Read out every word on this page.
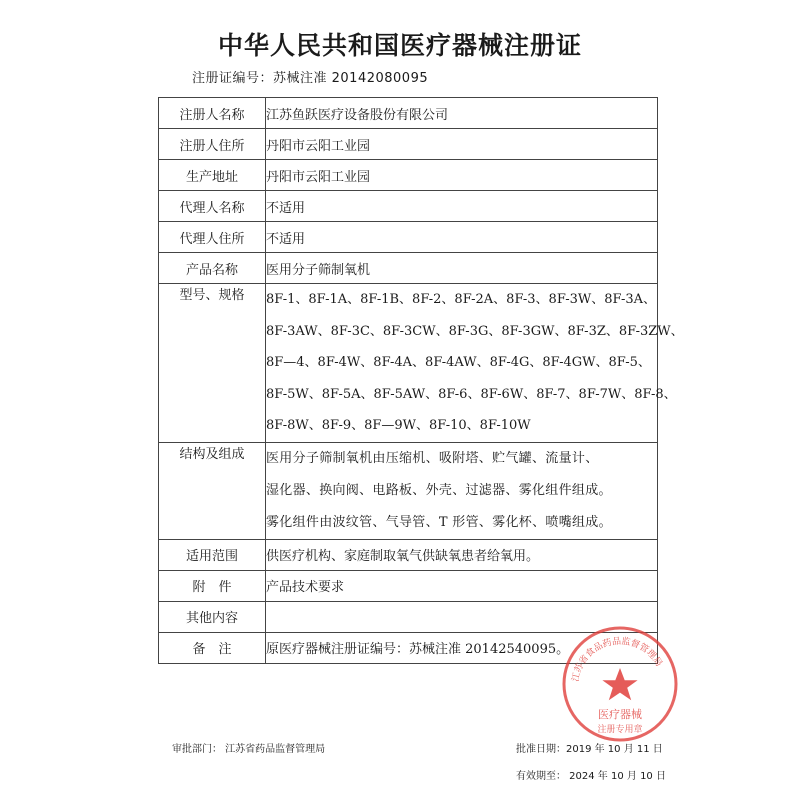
中华人民共和国医疗器械注册证
注册证编号：苏械注准 20142080095
注册人名称	江苏鱼跃医疗设备股份有限公司
注册人住所	丹阳市云阳工业园
生产地址	丹阳市云阳工业园
代理人名称	不适用
代理人住所	不适用
产品名称	医用分子筛制氧机
型号、规格	8F-1、8F-1A、8F-1B、8F-2、8F-2A、8F-3、8F-3W、8F-3A、
8F-3AW、8F-3C、8F-3CW、8F-3G、8F-3GW、8F-3Z、8F-3ZW、
8F—4、8F-4W、8F-4A、8F-4AW、8F-4G、8F-4GW、8F-5、
8F-5W、8F-5A、8F-5AW、8F-6、8F-6W、8F-7、8F-7W、8F-8、
8F-8W、8F-9、8F—9W、8F-10、8F-10W

结构及组成	医用分子筛制氧机由压缩机、吸附塔、贮气罐、流量计、
湿化器、换向阀、电路板、外壳、过滤器、雾化组件组成。
雾化组件由波纹管、气导管、T 形管、雾化杯、喷嘴组成。

适用范围	供医疗机构、家庭制取氧气供缺氧患者给氧用。
附　件	产品技术要求
其他内容	
备　注	原医疗器械注册证编号：苏械注准 20142540095。
审批部门： 江苏省药品监督管理局	批准日期：2019 年 10 月 11 日
有效期至： 2024 年 10 月 10 日
江苏省食品药品监督管理局
医疗器械
注册专用章
